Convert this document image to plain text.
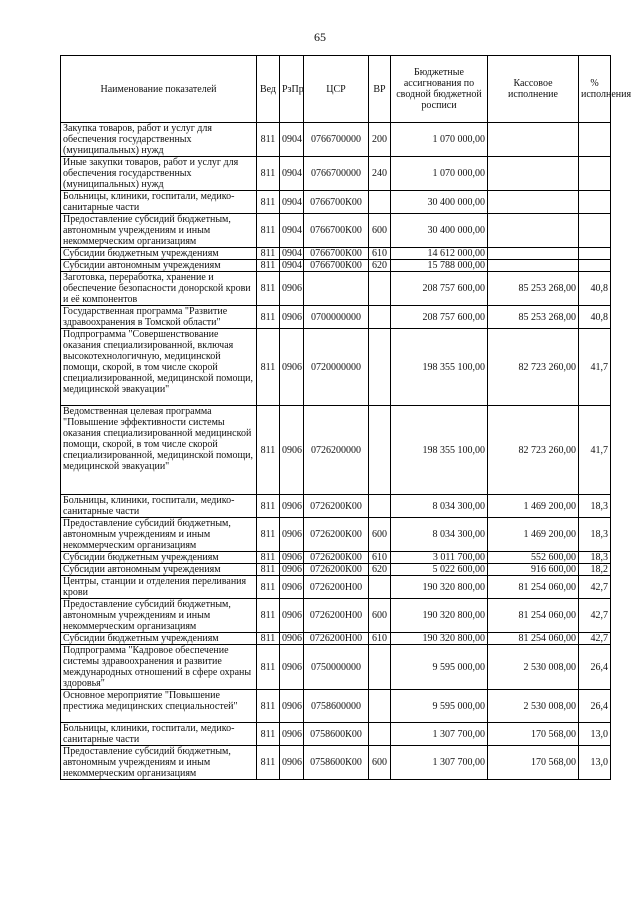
65
Наименование показателей	Вед	РзПр	ЦСР	ВР	Бюджетные ассигнования по сводной бюджетной росписи	Кассовое исполнение	% исполнения
Закупка товаров, работ и услуг для обеспечения государственных (муниципальных) нужд	811	0904	0766700000	200	1 070 000,00		
Иные закупки товаров, работ и услуг для обеспечения государственных (муниципальных) нужд	811	0904	0766700000	240	1 070 000,00		
Больницы, клиники, госпитали, медико-санитарные части	811	0904	0766700К00		30 400 000,00		
Предоставление субсидий бюджетным, автономным учреждениям и иным некоммерческим организациям	811	0904	0766700К00	600	30 400 000,00		
Субсидии бюджетным учреждениям	811	0904	0766700К00	610	14 612 000,00		
Субсидии автономным учреждениям	811	0904	0766700К00	620	15 788 000,00		
Заготовка, переработка, хранение и обеспечение безопасности донорской крови и её компонентов	811	0906			208 757 600,00	85 253 268,00	40,8
Государственная программа "Развитие здравоохранения в Томской области"	811	0906	0700000000		208 757 600,00	85 253 268,00	40,8
Подпрограмма "Совершенствование оказания специализированной, включая высокотехнологичную, медицинской помощи, скорой, в том числе скорой специализированной, медицинской помощи, медицинской эвакуации"	811	0906	0720000000		198 355 100,00	82 723 260,00	41,7
Ведомственная целевая программа "Повышение эффективности системы оказания специализированной медицинской помощи, скорой, в том числе скорой специализированной, медицинской помощи, медицинской эвакуации"	811	0906	0726200000		198 355 100,00	82 723 260,00	41,7
Больницы, клиники, госпитали, медико-санитарные части	811	0906	0726200К00		8 034 300,00	1 469 200,00	18,3
Предоставление субсидий бюджетным, автономным учреждениям и иным некоммерческим организациям	811	0906	0726200К00	600	8 034 300,00	1 469 200,00	18,3
Субсидии бюджетным учреждениям	811	0906	0726200К00	610	3 011 700,00	552 600,00	18,3
Субсидии автономным учреждениям	811	0906	0726200К00	620	5 022 600,00	916 600,00	18,2
Центры, станции и отделения переливания крови	811	0906	0726200Н00		190 320 800,00	81 254 060,00	42,7
Предоставление субсидий бюджетным, автономным учреждениям и иным некоммерческим организациям	811	0906	0726200Н00	600	190 320 800,00	81 254 060,00	42,7
Субсидии бюджетным учреждениям	811	0906	0726200Н00	610	190 320 800,00	81 254 060,00	42,7
Подпрограмма "Кадровое обеспечение системы здравоохранения и развитие международных отношений в сфере охраны здоровья"	811	0906	0750000000		9 595 000,00	2 530 008,00	26,4
Основное мероприятие "Повышение престижа медицинских специальностей"	811	0906	0758600000		9 595 000,00	2 530 008,00	26,4
Больницы, клиники, госпитали, медико-санитарные части	811	0906	0758600К00		1 307 700,00	170 568,00	13,0
Предоставление субсидий бюджетным, автономным учреждениям и иным некоммерческим организациям	811	0906	0758600К00	600	1 307 700,00	170 568,00	13,0
